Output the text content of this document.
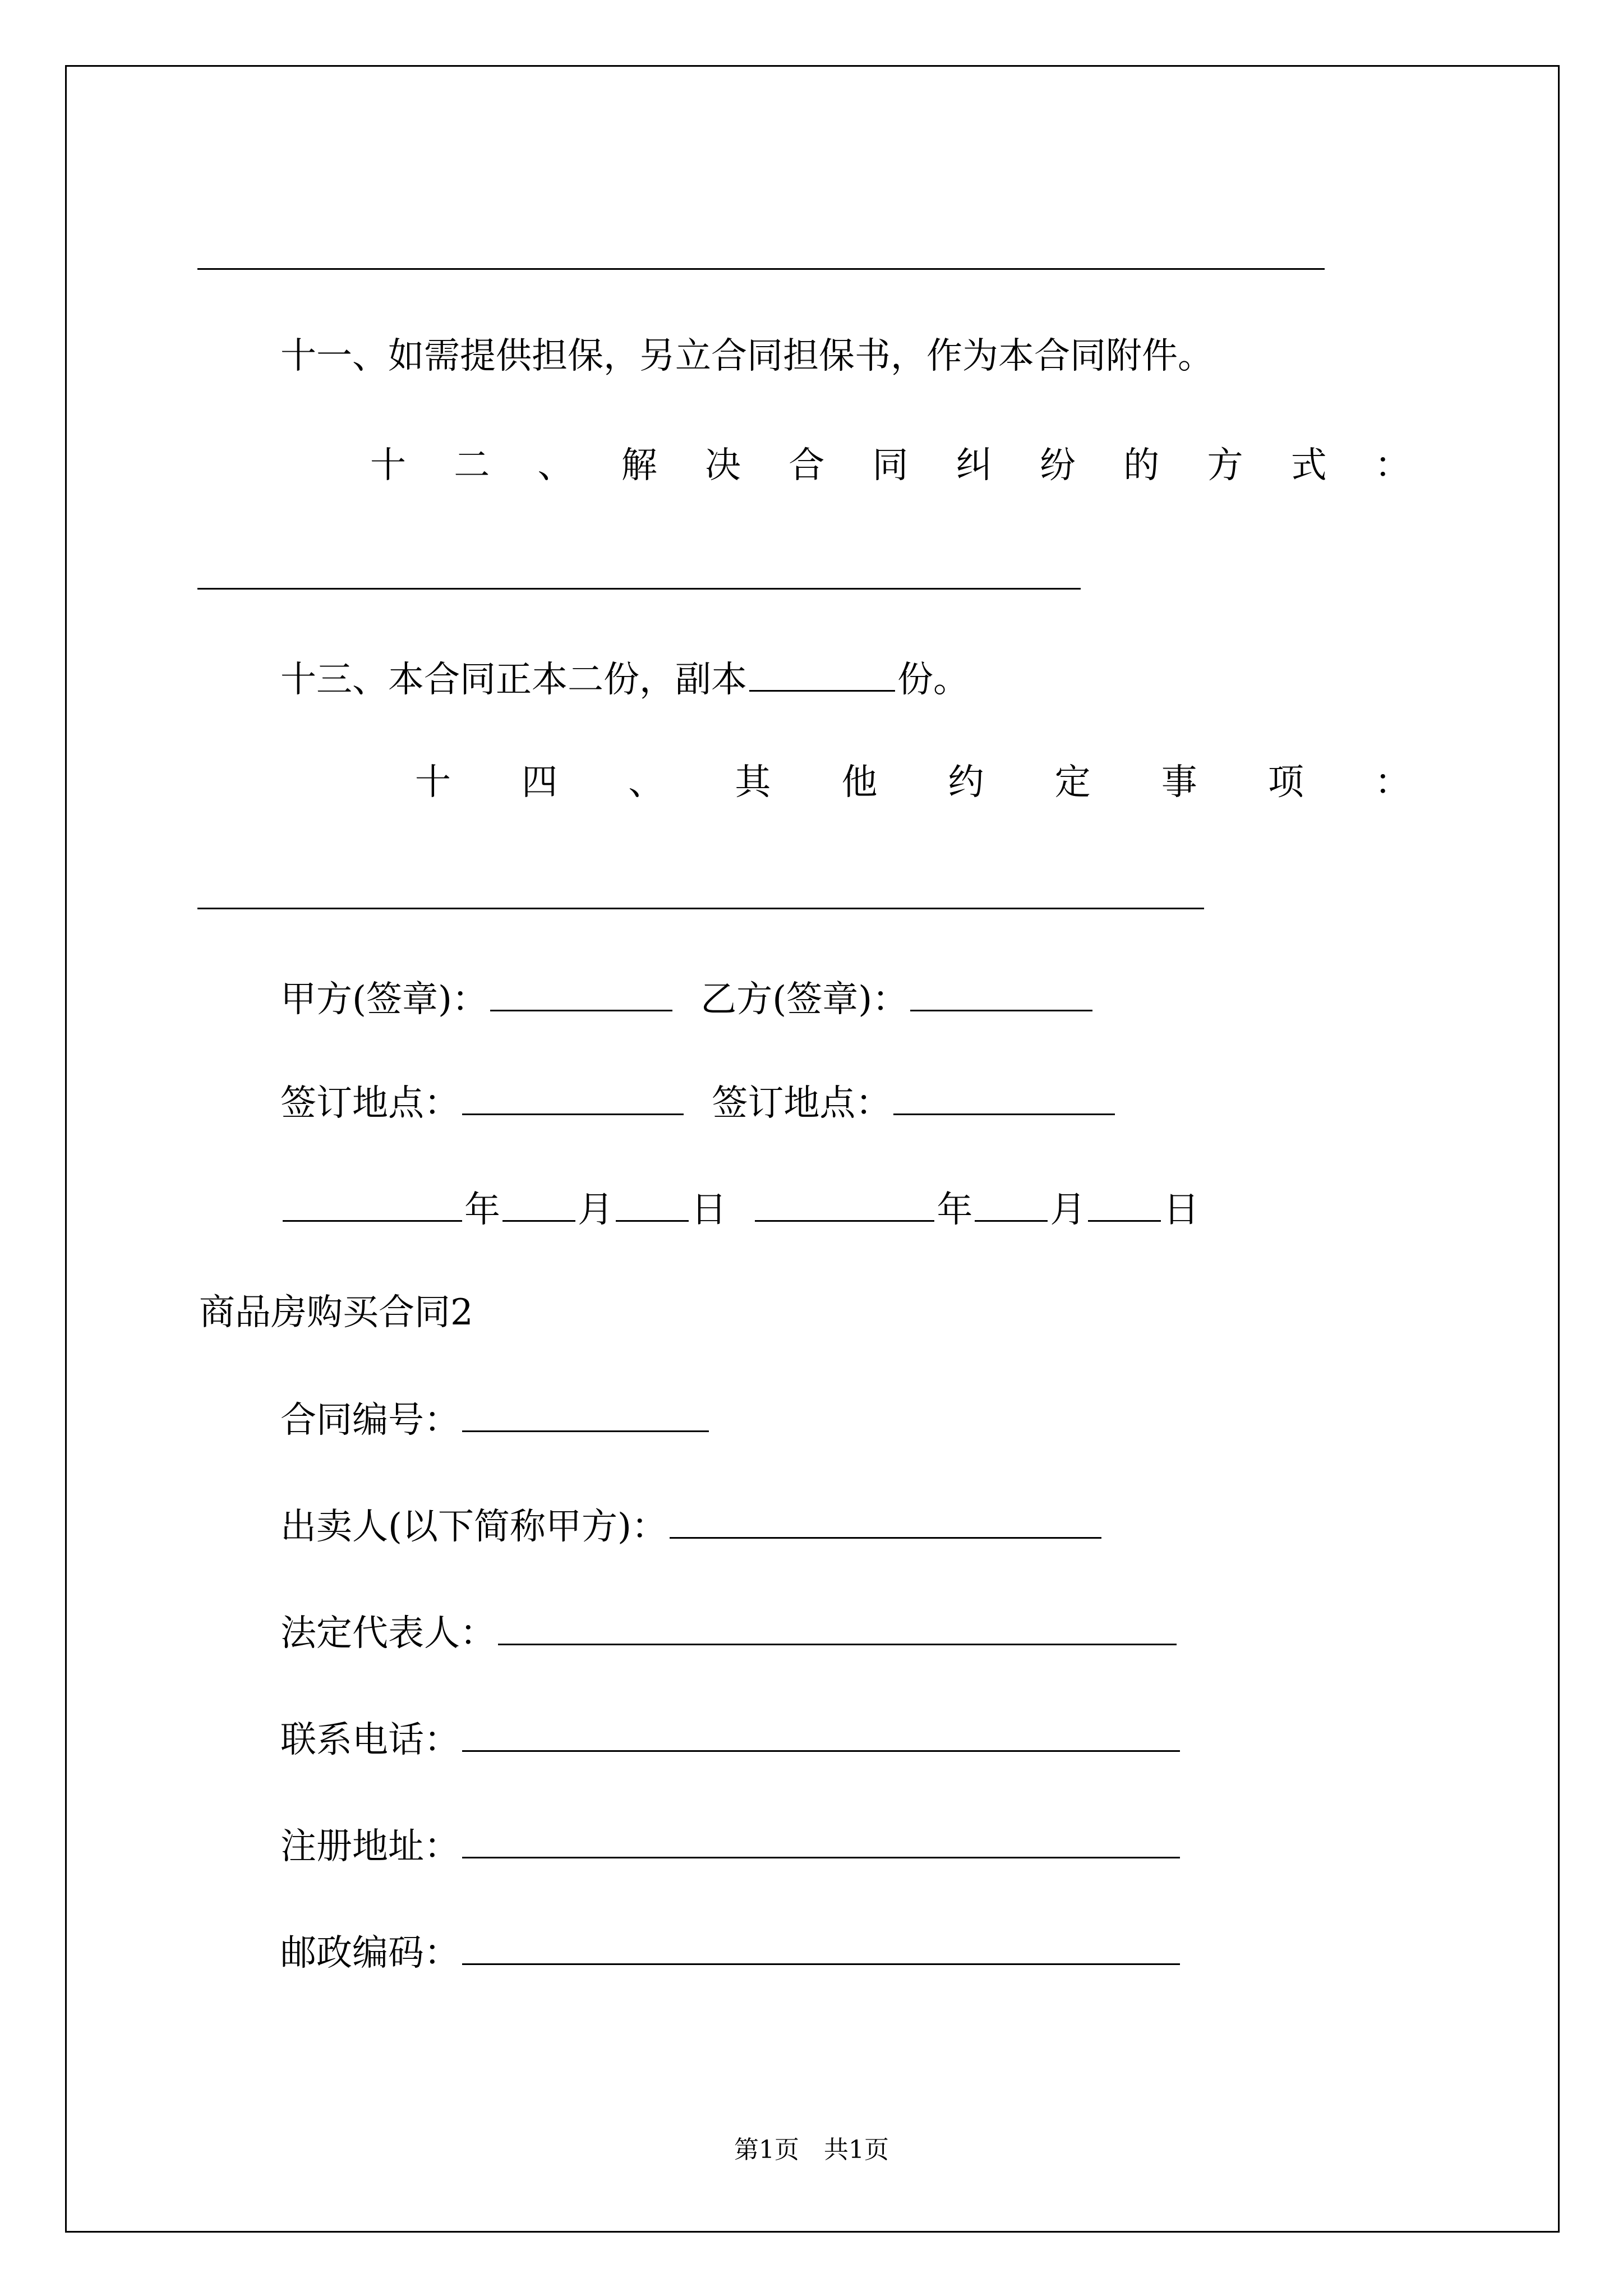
十一、如需提供担保，另立合同担保书，作为本合同附件。
十 二 、 解 决 合 同 纠 纷 的 方 式 ：
十三、本合同正本二份，副本	份。
十 四 、 其 他 约 定 事 项 ：
甲方(签章)：	乙方(签章)：
签订地点：	签订地点：
年 月 日	年 月 日
商品房购买合同2
合同编号：
出卖人(以下简称甲方)：
法定代表人：
联系电话：
注册地址：
邮政编码：
第1页　共1页
